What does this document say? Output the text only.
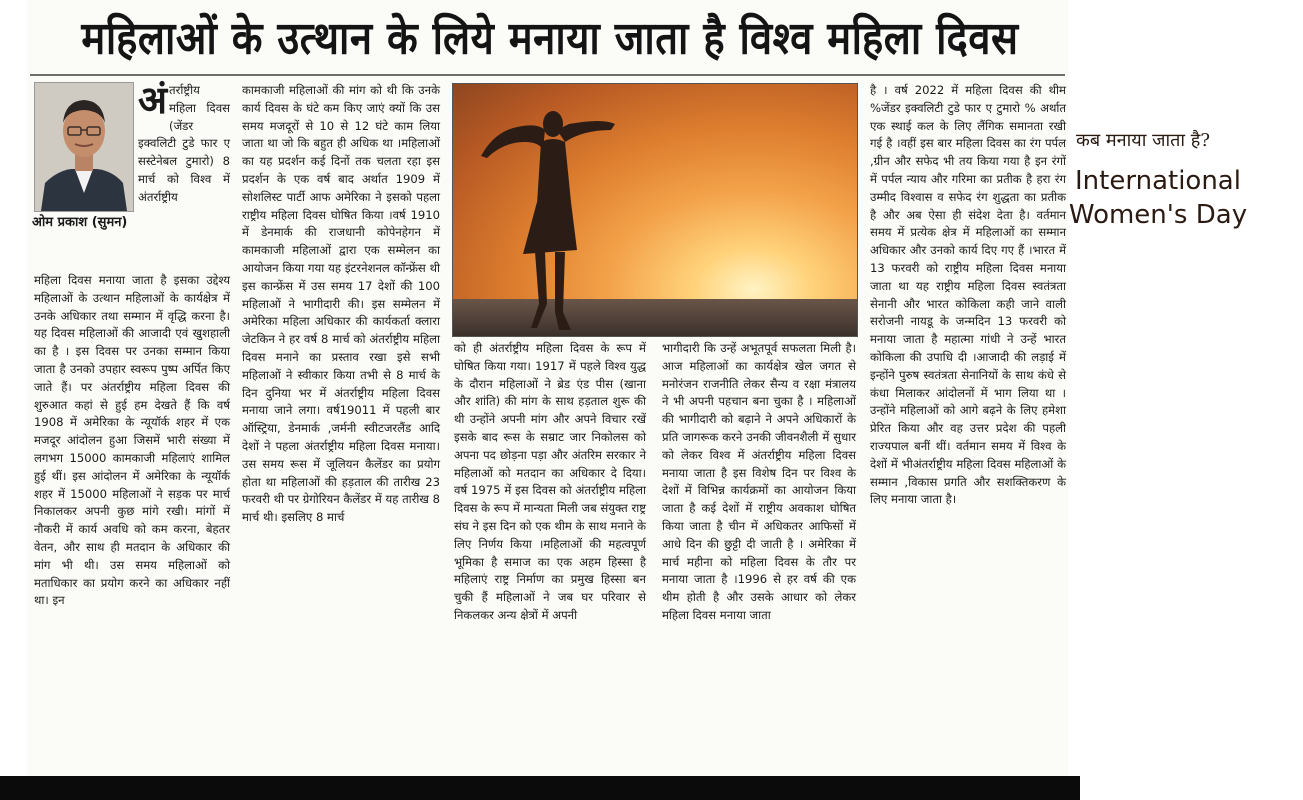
महिलाओं के उत्थान के लिये मनाया जाता है विश्व महिला दिवस
ओम प्रकाश (सुमन)
अं तर्राष्ट्रीय महिला दिवस (जेंडर इक्वलिटी टुडे फार ए सस्टेनेबल टुमारो) 8 मार्च को विश्व में अंतर्राष्ट्रीय

महिला दिवस मनाया जाता है इसका उद्देश्य महिलाओं के उत्थान महिलाओं के कार्यक्षेत्र में उनके अधिकार तथा सम्मान में वृद्धि करना है। यह दिवस महिलाओं की आजादी एवं खुशहाली का है । इस दिवस पर उनका सम्मान किया जाता है उनको उपहार स्वरूप पुष्प अर्पित किए जाते हैं। पर अंतर्राष्ट्रीय महिला दिवस की शुरुआत कहां से हुई हम देखते हैं कि वर्ष 1908 में अमेरिका के न्यूयॉर्क शहर में एक मजदूर आंदोलन हुआ जिसमें भारी संख्या में लगभग 15000 कामकाजी महिलाएं शामिल हुई थीं। इस आंदोलन में अमेरिका के न्यूयॉर्क शहर में 15000 महिलाओं ने सड़क पर मार्च निकालकर अपनी कुछ मांगे रखी। मांगों में नौकरी में कार्य अवधि को कम करना, बेहतर वेतन, और साथ ही मतदान के अधिकार की मांग भी थी। उस समय महिलाओं को मताधिकार का प्रयोग करने का अधिकार नहीं था। इन

कामकाजी महिलाओं की मांग को थी कि उनके कार्य दिवस के घंटे कम किए जाएं क्यों कि उस समय मजदूरों से 10 से 12 घंटे काम लिया जाता था जो कि बहुत ही अधिक था ।महिलाओं का यह प्रदर्शन कई दिनों तक चलता रहा इस प्रदर्शन के एक वर्ष बाद अर्थात 1909 में सोशलिस्ट पार्टी आफ अमेरिका ने इसको पहला राष्ट्रीय महिला दिवस घोषित किया ।वर्ष 1910 में डेनमार्क की राजधानी कोपेनहेगन में कामकाजी महिलाओं द्वारा एक सम्मेलन का आयोजन किया गया यह इंटरनेशनल कॉन्फ्रेंस थी इस कान्फ्रेंस में उस समय 17 देशों की 100 महिलाओं ने भागीदारी की। इस सम्मेलन में अमेरिका महिला अधिकार की कार्यकर्ता क्लारा जेटकिन ने हर वर्ष 8 मार्च को अंतर्राष्ट्रीय महिला दिवस मनाने का प्रस्ताव रखा इसे सभी महिलाओं ने स्वीकार किया तभी से 8 मार्च के दिन दुनिया भर में अंतर्राष्ट्रीय महिला दिवस मनाया जाने लगा। वर्ष19011 में पहली बार ऑस्ट्रिया, डेनमार्क ,जर्मनी स्वीटजरलैंड आदि देशों ने पहला अंतर्राष्ट्रीय महिला दिवस मनाया। उस समय रूस में जूलियन कैलेंडर का प्रयोग होता था महिलाओं की हड़ताल की तारीख 23 फरवरी थी पर ग्रेगोरियन कैलेंडर में यह तारीख 8 मार्च थी। इसलिए 8 मार्च

कब मनाया जाता है?
International Women's Day

को ही अंतर्राष्ट्रीय महिला दिवस के रूप में घोषित किया गया। 1917 में पहले विश्व युद्ध के दौरान महिलाओं ने ब्रेड एंड पीस (खाना और शांति) की मांग के साथ हड़ताल शुरू की थी उन्होंने अपनी मांग और अपने विचार रखें इसके बाद रूस के सम्राट जार निकोलस को अपना पद छोड़ना पड़ा और अंतरिम सरकार ने महिलाओं को मतदान का अधिकार दे दिया। वर्ष 1975 में इस दिवस को अंतर्राष्ट्रीय महिला दिवस के रूप में मान्यता मिली जब संयुक्त राष्ट्र संघ ने इस दिन को एक थीम के साथ मनाने के लिए निर्णय किया ।महिलाओं की महत्वपूर्ण भूमिका है समाज का एक अहम हिस्सा है महिलाएं राष्ट्र निर्माण का प्रमुख हिस्सा बन चुकी हैं महिलाओं ने जब घर परिवार से निकलकर अन्य क्षेत्रों में अपनी

भागीदारी कि उन्हें अभूतपूर्व सफलता मिली है। आज महिलाओं का कार्यक्षेत्र खेल जगत से मनोरंजन राजनीति लेकर सैन्य व रक्षा मंत्रालय ने भी अपनी पहचान बना चुका है । महिलाओं की भागीदारी को बढ़ाने ने अपने अधिकारों के प्रति जागरूक करने उनकी जीवनशैली में सुधार को लेकर विश्व में अंतर्राष्ट्रीय महिला दिवस मनाया जाता है इस विशेष दिन पर विश्व के देशों में विभिन्न कार्यक्रमों का आयोजन किया जाता है कई देशों में राष्ट्रीय अवकाश घोषित किया जाता है चीन में अधिकतर आफिसों में आधे दिन की छुट्टी दी जाती है । अमेरिका में मार्च महीना को महिला दिवस के तौर पर मनाया जाता है ।1996 से हर वर्ष की एक थीम होती है और उसके आधार को लेकर महिला दिवस मनाया जाता

है । वर्ष 2022 में महिला दिवस की थीम %जेंडर इक्वलिटी टुडे फार ए टुमारो % अर्थात एक स्थाई कल के लिए लैंगिक समानता रखी गई है ।वहीं इस बार महिला दिवस का रंग पर्पल ,ग्रीन और सफेद भी तय किया गया है इन रंगों में पर्पल न्याय और गरिमा का प्रतीक है हरा रंग उम्मीद विश्वास व सफेद रंग शुद्धता का प्रतीक है और अब ऐसा ही संदेश देता है। वर्तमान समय में प्रत्येक क्षेत्र में महिलाओं का सम्मान अधिकार और उनको कार्य दिए गए हैं ।भारत में 13 फरवरी को राष्ट्रीय महिला दिवस मनाया जाता था यह राष्ट्रीय महिला दिवस स्वतंत्रता सेनानी और भारत कोकिला कही जाने वाली सरोजनी नायडू के जन्मदिन 13 फरवरी को मनाया जाता है महात्मा गांधी ने उन्हें भारत कोकिला की उपाधि दी ।आजादी की लड़ाई में इन्होंने पुरुष स्वतंत्रता सेनानियों के साथ कंधे से कंधा मिलाकर आंदोलनों में भाग लिया था । उन्होंने महिलाओं को आगे बढ़ने के लिए हमेशा प्रेरित किया और वह उत्तर प्रदेश की पहली राज्यपाल बनीं थीं। वर्तमान समय में विश्व के देशों में भीअंतर्राष्ट्रीय महिला दिवस महिलाओं के सम्मान ,विकास प्रगति और सशक्तिकरण के लिए मनाया जाता है।
